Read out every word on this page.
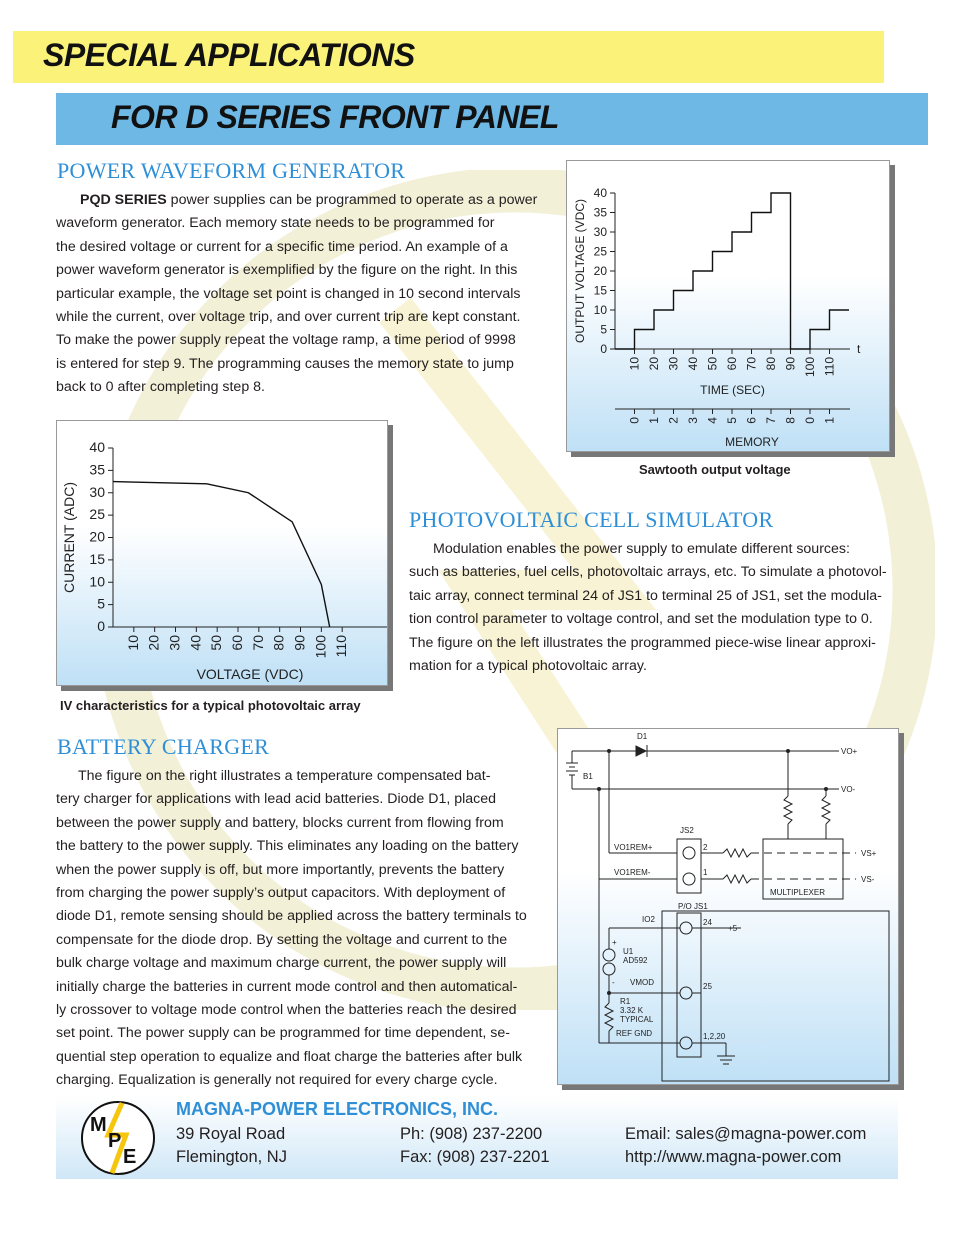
SPECIAL APPLICATIONS
FOR D SERIES FRONT PANEL
POWER WAVEFORM GENERATOR

PQD SERIES power supplies can be programmed to operate as a power

waveform generator. Each memory state needs to be programmed for

the desired voltage or current for a specific time period. An example of a

power waveform generator is exemplified by the figure on the right. In this

particular example, the voltage set point is changed in 10 second intervals

while the current, over voltage trip, and over current trip are kept constant.

To make the power supply repeat the voltage ramp, a time period of 9998

is entered for step 9. The programming causes the memory state to jump

back to 0 after completing step 8.

0
5
10
15
20
25
30
35
40
10 20 30 40 50 60 70 80 90 100 110
TIME (SEC)
OUTPUT VOLTAGE (VDC)
t
0 1 2 3 4 5 6 7 8 0 1
MEMORY
Sawtooth output voltage
0
5
10
15
20
25
30
35
40
10 20 30 40 50 60 70 80 90 100 110
VOLTAGE (VDC)
CURRENT (ADC)
IV characteristics for a typical photovoltaic array
PHOTOVOLTAIC CELL SIMULATOR

Modulation enables the power supply to emulate different sources:

such as batteries, fuel cells, photovoltaic arrays, etc. To simulate a photovol-

taic array, connect terminal 24 of JS1 to terminal 25 of JS1, set the modula-

tion control parameter to voltage control, and set the modulation type to 0.

The figure on the left illustrates the programmed piece-wise linear approxi-

mation for a typical photovoltaic array.

BATTERY CHARGER

The figure on the right illustrates a temperature compensated bat-

tery charger for applications with lead acid batteries. Diode D1, placed

between the power supply and battery, blocks current from flowing from

the battery to the power supply. This eliminates any loading on the battery

when the power supply is off, but more importantly, prevents the battery

from charging the power supply’s output capacitors. With deployment of

diode D1, remote sensing should be applied across the battery terminals to

compensate for the diode drop. By setting the voltage and current to the

bulk charge voltage and maximum charge current, the power supply will

initially charge the batteries in current mode control and then automatical-

ly crossover to voltage mode control when the batteries reach the desired

set point. The power supply can be programmed for time dependent, se-

quential step operation to equalize and float charge the batteries after bulk

charging. Equalization is generally not required for every charge cycle.

D1
B1
VO+
VO-
JS2
VO1REM+
VO1REM-
2
1
MULTIPLEXER
VS+
VS-
P/O JS1
IO2	24
+5
+
U1
AD592
- VMOD	25
R1
3.32 K
TYPICAL
REF GND	1,2,20
M
P
E
MAGNA-POWER ELECTRONICS, INC.
39 Royal Road
Flemington, NJ
Ph: (908) 237-2200
Fax: (908) 237-2201
Email: sales@magna-power.com
http://www.magna-power.com
